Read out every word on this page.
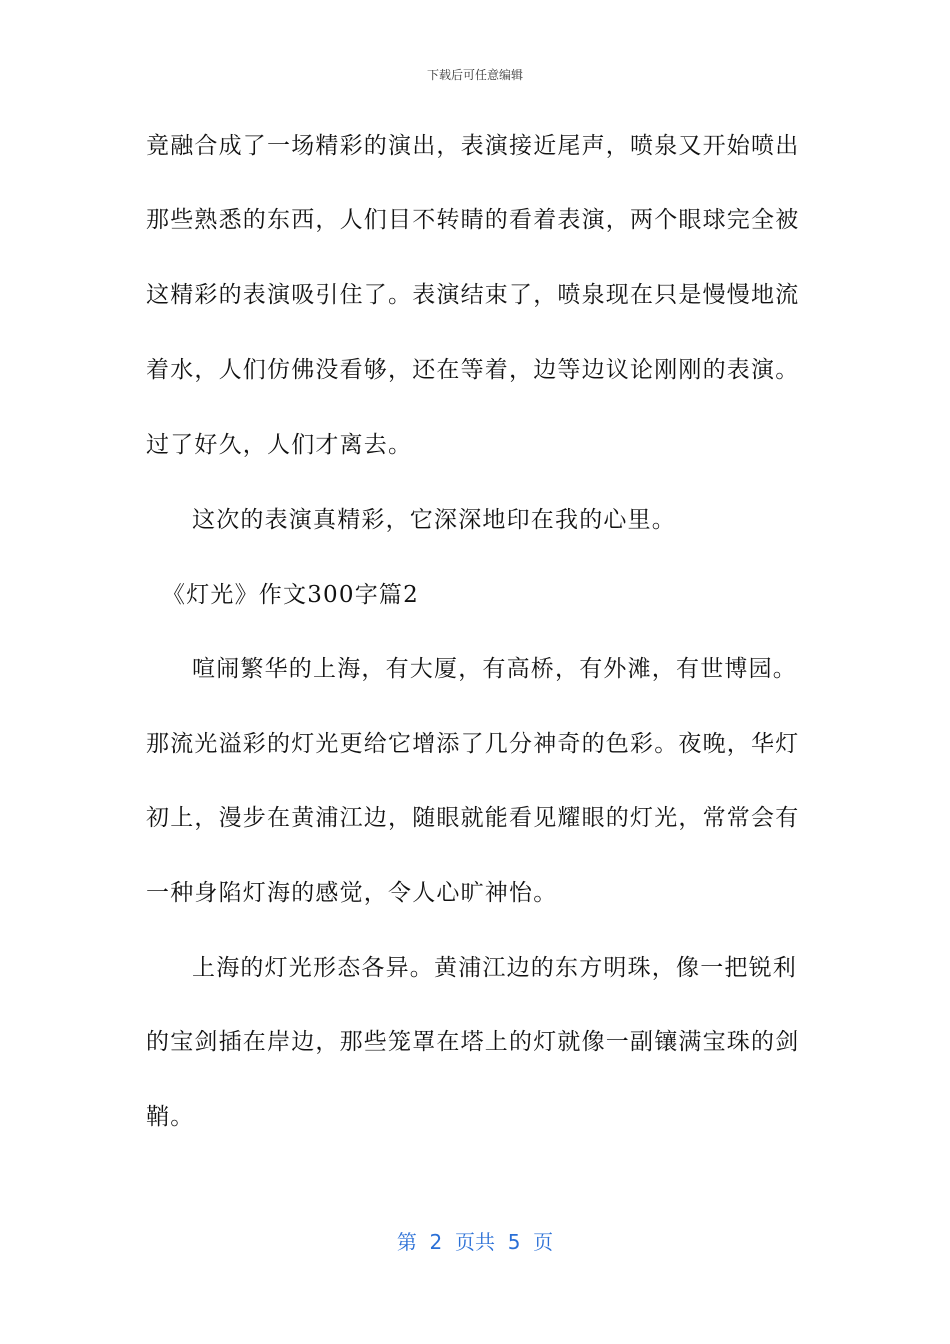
下载后可任意编辑
竟融合成了一场精彩的演出，表演接近尾声，喷泉又开始喷出
那些熟悉的东西，人们目不转睛的看着表演，两个眼球完全被
这精彩的表演吸引住了。表演结束了，喷泉现在只是慢慢地流
着水，人们仿佛没看够，还在等着，边等边议论刚刚的表演。
过了好久，人们才离去。
这次的表演真精彩，它深深地印在我的心里。
《灯光》作文300字篇2
喧闹繁华的上海，有大厦，有高桥，有外滩，有世博园。
那流光溢彩的灯光更给它增添了几分神奇的色彩。夜晚，华灯
初上，漫步在黄浦江边，随眼就能看见耀眼的灯光，常常会有
一种身陷灯海的感觉，令人心旷神怡。
上海的灯光形态各异。黄浦江边的东方明珠，像一把锐利
的宝剑插在岸边，那些笼罩在塔上的灯就像一副镶满宝珠的剑
鞘。
第  2  页共  5  页
